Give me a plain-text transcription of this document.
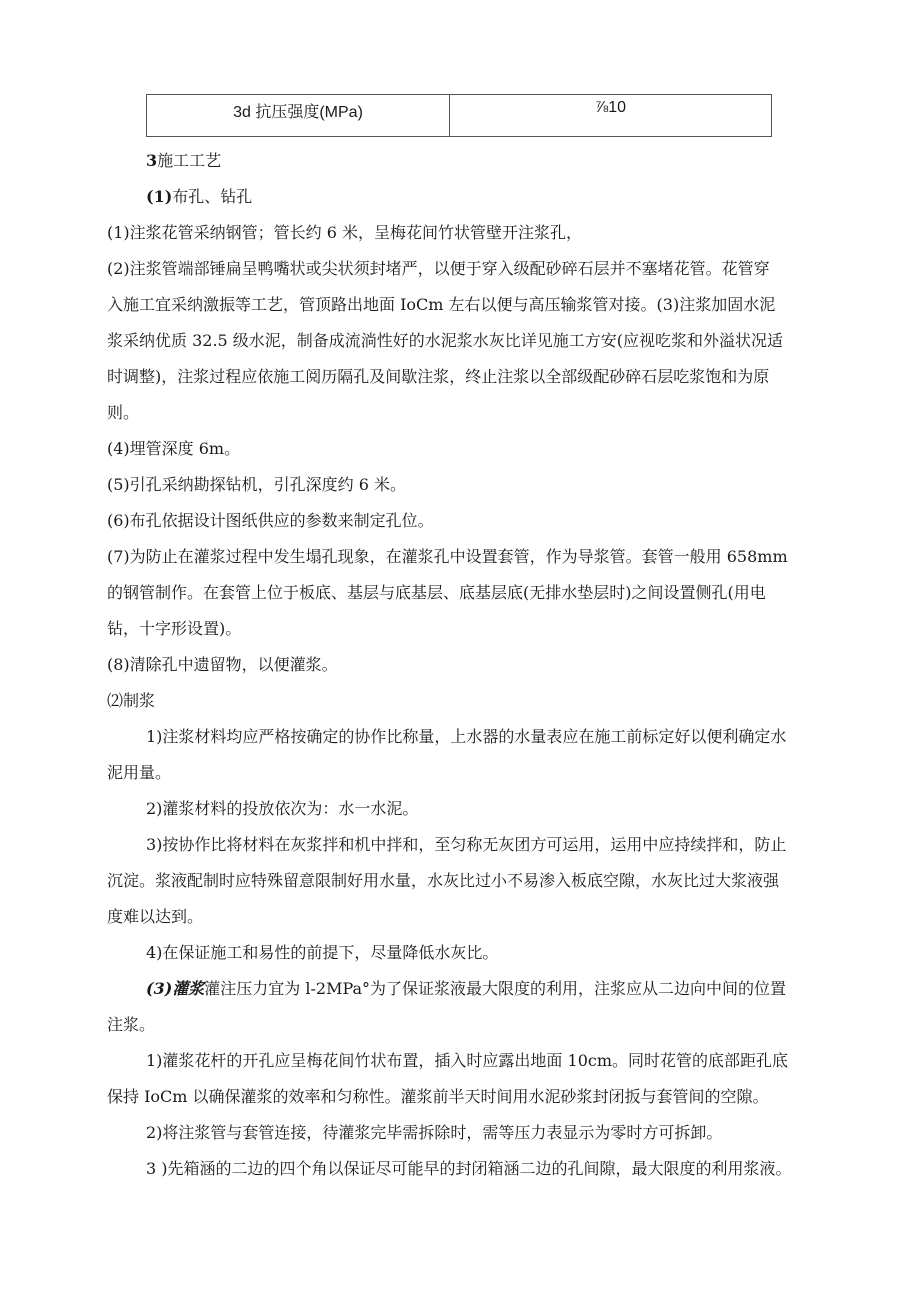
3d 抗压强度(MPa)	⅞10
3施工工艺
(1)布孔、钻孔
(1)注浆花管采纳钢管；管长约 6 米，呈梅花间竹状管壁开注浆孔，
(2)注浆管端部锤扁呈鸭嘴状或尖状须封堵严，以便于穿入级配砂碎石层并不塞堵花管。花管穿
入施工宜采纳激振等工艺，管顶路出地面 IoCm 左右以便与高压输浆管对接。(3)注浆加固水泥
浆采纳优质 32.5 级水泥，制备成流淌性好的水泥浆水灰比详见施工方安(应视吃浆和外溢状况适
时调整)，注浆过程应依施工阅历隔孔及间歇注浆，终止注浆以全部级配砂碎石层吃浆饱和为原
则。
(4)埋管深度 6m。
(5)引孔采纳勘探钻机，引孔深度约 6 米。
(6)布孔依据设计图纸供应的参数来制定孔位。
(7)为防止在灌浆过程中发生塌孔现象，在灌浆孔中设置套管，作为导浆管。套管一般用 658mm
的钢管制作。在套管上位于板底、基层与底基层、底基层底(无排水垫层时)之间设置侧孔(用电
钻，十字形设置)。
(8)清除孔中遗留物，以便灌浆。
⑵制浆
1)注浆材料均应严格按确定的协作比称量，上水器的水量表应在施工前标定好以便利确定水
泥用量。
2)灌浆材料的投放依次为：水一水泥。
3)按协作比将材料在灰浆拌和机中拌和，至匀称无灰团方可运用，运用中应持续拌和，防止
沉淀。浆液配制时应特殊留意限制好用水量，水灰比过小不易渗入板底空隙，水灰比过大浆液强
度难以达到。
4)在保证施工和易性的前提下，尽量降低水灰比。
(3)灌浆灌注压力宜为 l-2MPa°为了保证浆液最大限度的利用，注浆应从二边向中间的位置
注浆。
1)灌浆花杆的开孔应呈梅花间竹状布置，插入时应露出地面 10cm。同时花管的底部距孔底
保持 IoCm 以确保灌浆的效率和匀称性。灌浆前半天时间用水泥砂浆封闭扳与套管间的空隙。
2)将注浆管与套管连接，待灌浆完毕需拆除时，需等压力表显示为零时方可拆卸。
3 )先箱涵的二边的四个角以保证尽可能早的封闭箱涵二边的孔间隙，最大限度的利用浆液。
